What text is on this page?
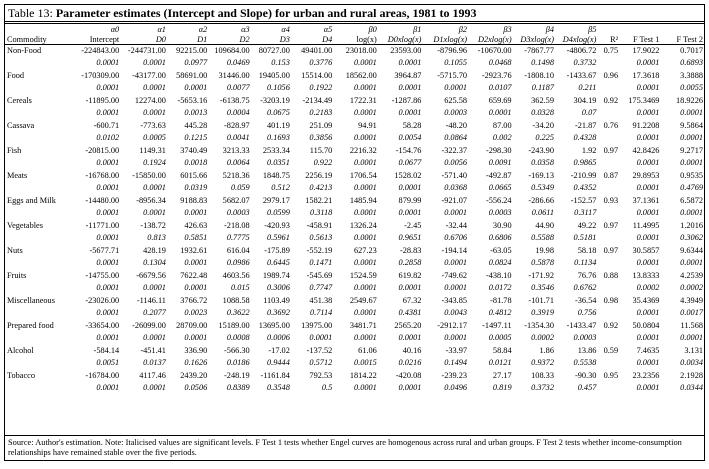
Table 13: Parameter estimates (Intercept and Slope) for urban and rural areas, 1981 to 1993
	α0	α1	α2	α3	α4	α5	β0	β1	β2	β3	β4	β5			
Commodity	Intercept	D0	D1	D2	D3	D4	log(x)	D0xlog(x)	D1xlog(x)	D2xlog(x)	D3xlog(x)	D4xlog(x)	R²	F Test 1	F Test 2
Non-Food	-224843.00	-244731.00	92215.00	109684.00	80727.00	49401.00	23018.00	23593.00	-8796.96	-10670.00	-7867.77	-4806.72	0.75	17.9022	0.7017
	0.0001	0.0001	0.0977	0.0469	0.153	0.3776	0.0001	0.0001	0.1055	0.0468	0.1498	0.3732		0.0001	0.6893
Food	-170309.00	-43177.00	58691.00	31446.00	19405.00	15514.00	18562.00	3964.87	-5715.70	-2923.76	-1808.10	-1433.67	0.96	17.3618	3.3888
	0.0001	0.0001	0.0001	0.0077	0.1056	0.1922	0.0001	0.0001	0.0001	0.0107	0.1187	0.211		0.0001	0.0055
Cereals	-11895.00	12274.00	-5653.16	-6138.75	-3203.19	-2134.49	1722.31	-1287.86	625.58	659.69	362.59	304.19	0.92	175.3469	18.9226
	0.0001	0.0001	0.0013	0.0004	0.0675	0.2183	0.0001	0.0001	0.0003	0.0001	0.0328	0.07		0.0001	0.0001
Cassava	-600.71	-773.63	445.28	-828.97	401.19	251.09	94.91	58.28	-48.20	87.00	-34.20	-21.87	0.76	91.2208	9.5864
	0.0102	0.0005	0.1215	0.0041	0.1693	0.3856	0.0001	0.0054	0.0864	0.002	0.225	0.4328		0.0001	0.0001
Fish	-20815.00	1149.31	3740.49	3213.33	2533.34	115.70	2216.32	-154.76	-322.37	-298.30	-243.90	1.92	0.97	42.8426	9.2717
	0.0001	0.1924	0.0018	0.0064	0.0351	0.922	0.0001	0.0677	0.0056	0.0091	0.0358	0.9865		0.0001	0.0001
Meats	-16768.00	-15850.00	6015.66	5218.36	1848.75	2256.19	1706.54	1528.02	-571.40	-492.87	-169.13	-210.99	0.87	29.8953	0.9535
	0.0001	0.0001	0.0319	0.059	0.512	0.4213	0.0001	0.0001	0.0368	0.0665	0.5349	0.4352		0.0001	0.4769
Eggs and Milk	-14480.00	-8956.34	9188.83	5682.07	2979.17	1582.21	1485.94	879.99	-921.07	-556.24	-286.66	-152.57	0.93	37.1361	6.5872
	0.0001	0.0001	0.0001	0.0003	0.0599	0.3118	0.0001	0.0001	0.0001	0.0003	0.0611	0.3117		0.0001	0.0001
Vegetables	-11771.00	-138.72	426.63	-218.08	-420.93	-458.91	1326.24	-2.45	-32.44	30.90	44.90	49.22	0.97	11.4995	1.2016
	0.0001	0.813	0.5851	0.7775	0.5961	0.5613	0.0001	0.9651	0.6706	0.6806	0.5588	0.5181		0.0001	0.3062
Nuts	-5677.71	428.19	1932.61	616.04	-175.89	-552.19	627.23	-28.83	-194.14	-63.05	19.98	58.18	0.97	30.5857	9.6344
	0.0001	0.1304	0.0001	0.0986	0.6445	0.1471	0.0001	0.2858	0.0001	0.0824	0.5878	0.1134		0.0001	0.0001
Fruits	-14755.00	-6679.56	7622.48	4603.56	1989.74	-545.69	1524.59	619.82	-749.62	-438.10	-171.92	76.76	0.88	13.8333	4.2539
	0.0001	0.0001	0.0001	0.015	0.3006	0.7747	0.0001	0.0001	0.0001	0.0172	0.3546	0.6762		0.0002	0.0002
Miscellaneous	-23026.00	-1146.11	3766.72	1088.58	1103.49	451.38	2549.67	67.32	-343.85	-81.78	-101.71	-36.54	0.98	35.4369	4.3949
	0.0001	0.2077	0.0023	0.3622	0.3692	0.7114	0.0001	0.4381	0.0043	0.4812	0.3919	0.756		0.0001	0.0017
Prepared food	-33654.00	-26099.00	28709.00	15189.00	13695.00	13975.00	3481.71	2565.20	-2912.17	-1497.11	-1354.30	-1433.47	0.92	50.0804	11.568
	0.0001	0.0001	0.0001	0.0008	0.0006	0.0001	0.0001	0.0001	0.0001	0.0005	0.0002	0.0003		0.0001	0.0001
Alcohol	-584.14	-451.41	336.90	-566.30	-17.02	-137.52	61.06	40.16	-33.97	58.84	1.86	13.86	0.59	7.4635	3.131
	0.0051	0.0137	0.1626	0.0186	0.9444	0.5712	0.0015	0.0216	0.1494	0.0121	0.9372	0.5538		0.0001	0.0034
Tobacco	-16784.00	4117.46	2439.20	-248.19	-1161.84	792.53	1814.22	-420.08	-239.23	27.17	108.33	-90.30	0.95	23.2356	2.1928
	0.0001	0.0001	0.0506	0.8389	0.3548	0.5	0.0001	0.0001	0.0496	0.819	0.3732	0.457		0.0001	0.0344
Source: Author's estimation. Note: Italicised values are significant levels. F Test 1 tests whether Engel curves are homogenous across rural and urban groups. F Test 2 tests whether income-consumption relationships have remained stable over the five periods.
